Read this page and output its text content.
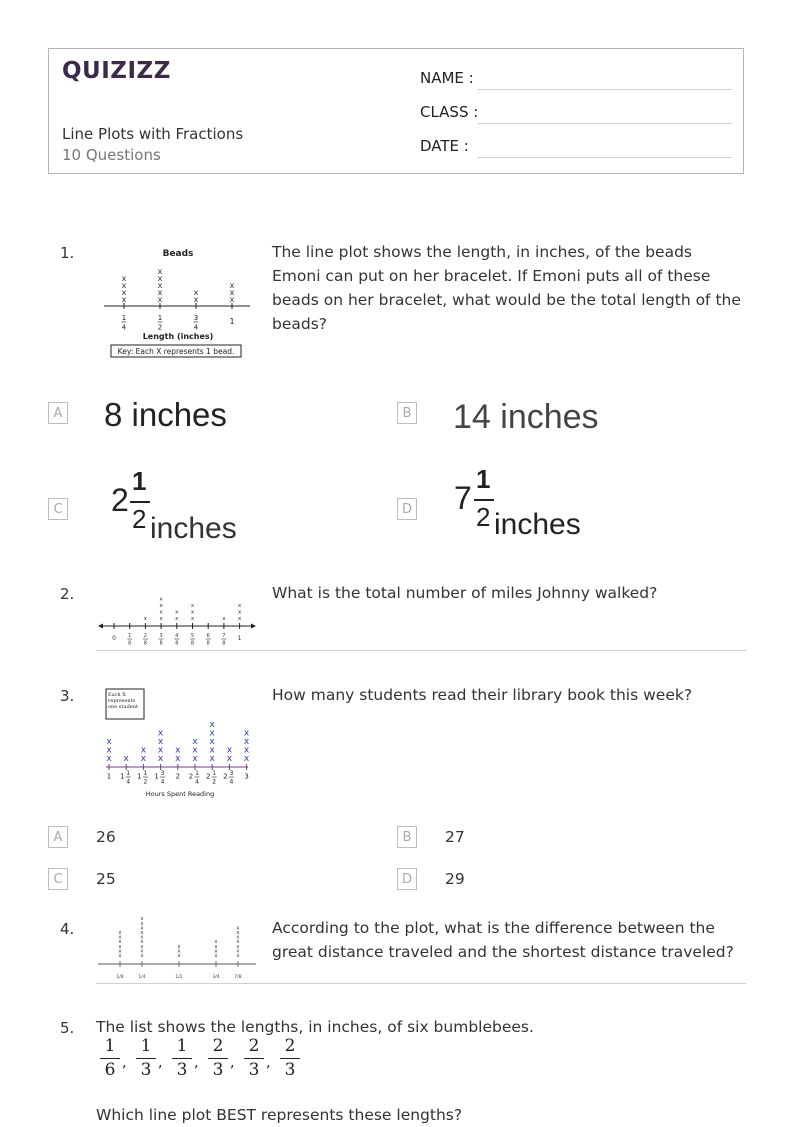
QUIZIZZ
Line Plots with Fractions
10 Questions
NAME :
CLASS :
DATE :
1.	Beads
x
x
x
x
1
4
x
x
x
x
x
1
2
x
x
3
4
x
x
x
1
Length (inches)
Key: Each X represents 1 bead.
The line plot shows the length, in inches, of the beads Emoni can put on her bracelet. If Emoni puts all of these beads on her bracelet, what would be the total length of the beads?
A 8 inches	B 14 inches
C 2
1
2 inches
D 7
1
2 inches
2.
0 1
8
x
2
8
x
x
x
x
3
8
x
x
4
8
x
x
x
5
8
6
8
x
7
8
x
x
x
1
What is the total number of miles Johnny walked?
3.	Each X represents one student
x
x
x
1
x
1 1
4
x
x
1 1
2
x
x
x
x
1 3
4
x
x
2
x
x
x
2 1
4
x
x
x
x
x
2 1
2
x
x
2 3
4
x
x
x
x
3
Hours Spent Reading
How many students read their library book this week?
A	26	B	27
C	25	D	29
4.
x
x
x
x
x
x
1/8
x
x
x
x
x
x
x
x
x
1/4
x
x
x
1/2
x
x
x
x
3/4
x
x
x
x
x
x
x
7/8
According to the plot, what is the difference between the great distance traveled and the shortest distance traveled?
5. The list shows the lengths, in inches, of six bumblebees.
1
6 ,
1
3 ,
1
3 ,
2
3 ,
2
3 ,
2
3
Which line plot BEST represents these lengths?
